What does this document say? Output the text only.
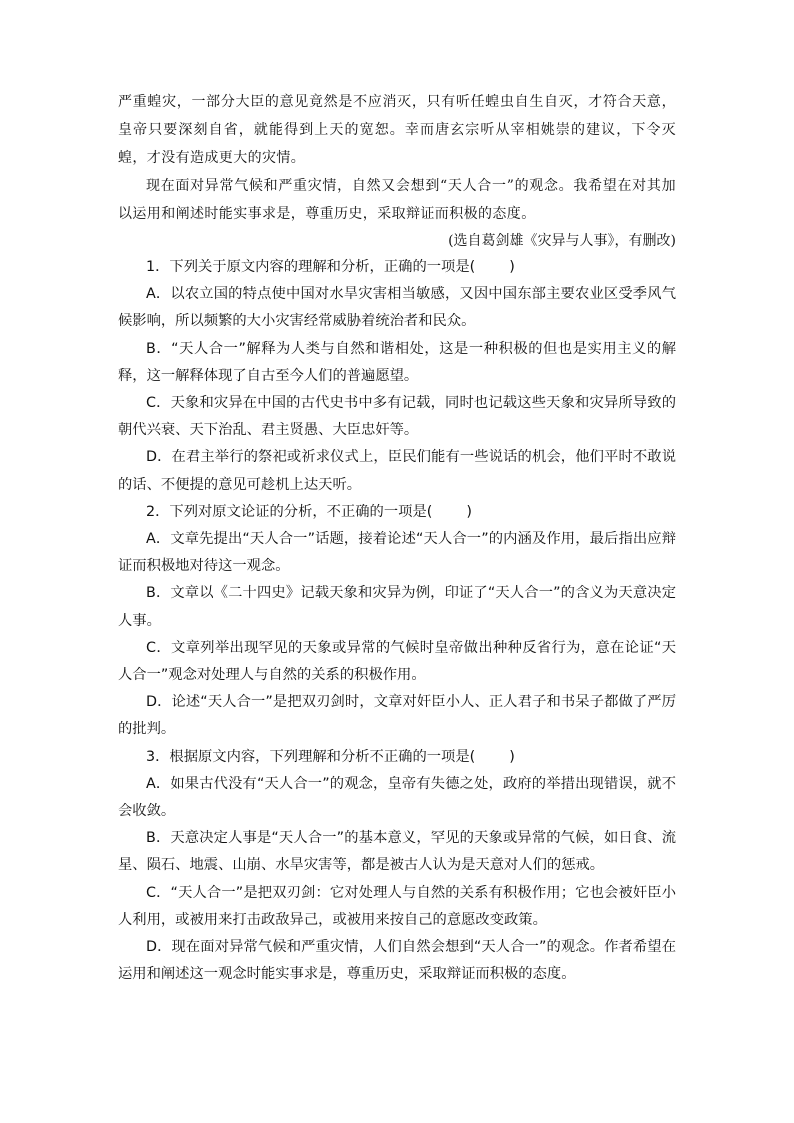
严重蝗灾，一部分大臣的意见竟然是不应消灭，只有听任蝗虫自生自灭，才符合天意，皇帝只要深刻自省，就能得到上天的宽恕。幸而唐玄宗听从宰相姚崇的建议，下令灭蝗，才没有造成更大的灾情。

现在面对异常气候和严重灾情，自然又会想到“天人合一”的观念。我希望在对其加以运用和阐述时能实事求是，尊重历史，采取辩证而积极的态度。

(选自葛剑雄《灾异与人事》，有删改)

1．下列关于原文内容的理解和分析，正确的一项是( )

A．以农立国的特点使中国对水旱灾害相当敏感，又因中国东部主要农业区受季风气候影响，所以频繁的大小灾害经常威胁着统治者和民众。

B．“天人合一”解释为人类与自然和谐相处，这是一种积极的但也是实用主义的解释，这一解释体现了自古至今人们的普遍愿望。

C．天象和灾异在中国的古代史书中多有记载，同时也记载这些天象和灾异所导致的朝代兴衰、天下治乱、君主贤愚、大臣忠奸等。

D．在君主举行的祭祀或祈求仪式上，臣民们能有一些说话的机会，他们平时不敢说的话、不便提的意见可趁机上达天听。

2．下列对原文论证的分析，不正确的一项是( )

A．文章先提出“天人合一”话题，接着论述“天人合一”的内涵及作用，最后指出应辩证而积极地对待这一观念。

B．文章以《二十四史》记载天象和灾异为例，印证了“天人合一”的含义为天意决定人事。

C．文章列举出现罕见的天象或异常的气候时皇帝做出种种反省行为，意在论证“天人合一”观念对处理人与自然的关系的积极作用。

D．论述“天人合一”是把双刃剑时，文章对奸臣小人、正人君子和书呆子都做了严厉的批判。

3．根据原文内容，下列理解和分析不正确的一项是( )

A．如果古代没有“天人合一”的观念，皇帝有失德之处，政府的举措出现错误，就不会收敛。

B．天意决定人事是“天人合一”的基本意义，罕见的天象或异常的气候，如日食、流星、陨石、地震、山崩、水旱灾害等，都是被古人认为是天意对人们的惩戒。

C．“天人合一”是把双刃剑：它对处理人与自然的关系有积极作用；它也会被奸臣小人利用，或被用来打击政敌异己，或被用来按自己的意愿改变政策。

D．现在面对异常气候和严重灾情，人们自然会想到“天人合一”的观念。作者希望在运用和阐述这一观念时能实事求是，尊重历史，采取辩证而积极的态度。
